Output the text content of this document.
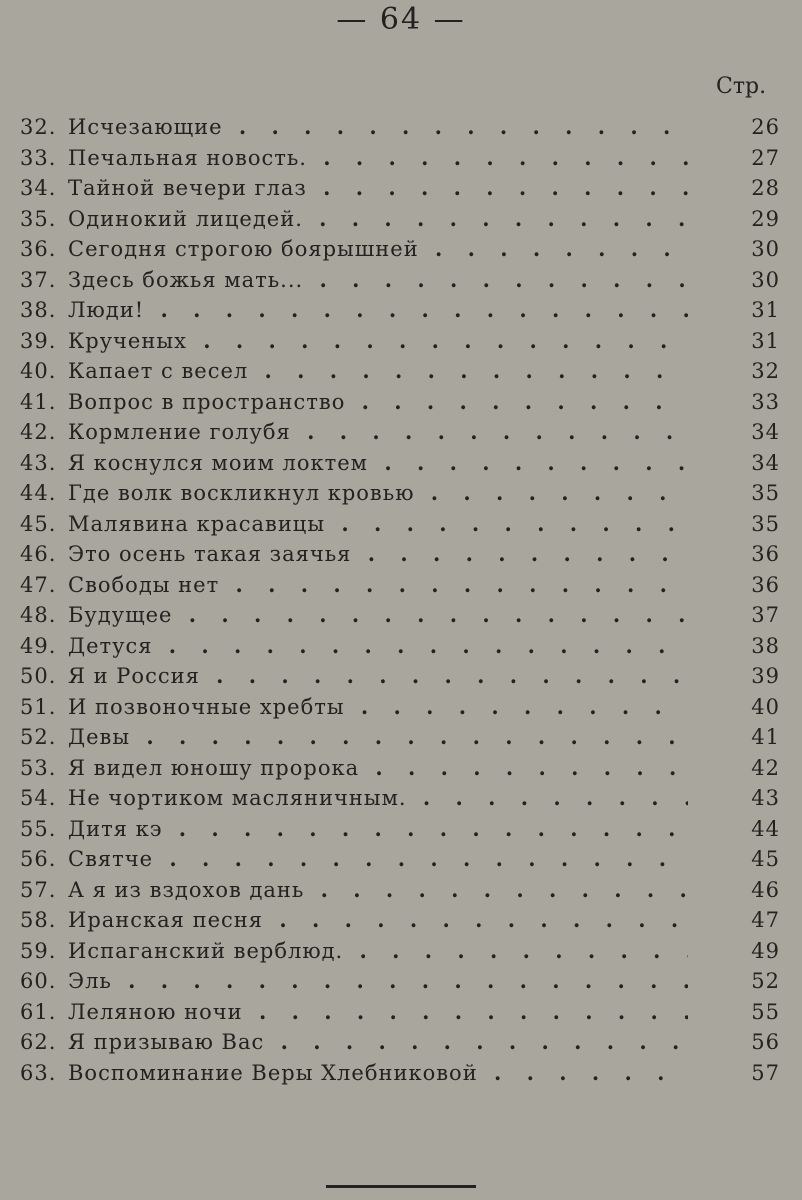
— 64 —
Стр.
32. Исчезающие . . .	26
33. Печальная новость. . . .	27
34. Тайной вечери глаз . . .	28
35. Одинокий лицедей. . . .	29
36. Сегодня строгою боярышней . . .	30
37. Здесь божья мать... . . .	30
38. Люди! . . .	31
39. Крученых . . .	31
40. Капает с весел . . .	32
41. Вопрос в пространство . . .	33
42. Кормление голубя . . .	34
43. Я коснулся моим локтем . . .	34
44. Где волк воскликнул кровью . . .	35
45. Малявина красавицы . . .	35
46. Это осень такая заячья . . .	36
47. Свободы нет . . .	36
48. Будущее . . .	37
49. Детуся . . .	38
50. Я и Россия . . .	39
51. И позвоночные хребты . . .	40
52. Девы . . .	41
53. Я видел юношу пророка . . .	42
54. Не чортиком масляничным. . . .	43
55. Дитя кэ . . .	44
56. Святче . . .	45
57. А я из вздохов дань . . .	46
58. Иранская песня . . .	47
59. Испаганский верблюд. . . .	49
60. Эль . . .	52
61. Леляною ночи . . .	55
62. Я призываю Вас . . .	56
63. Воспоминание Веры Хлебниковой . . .	57
